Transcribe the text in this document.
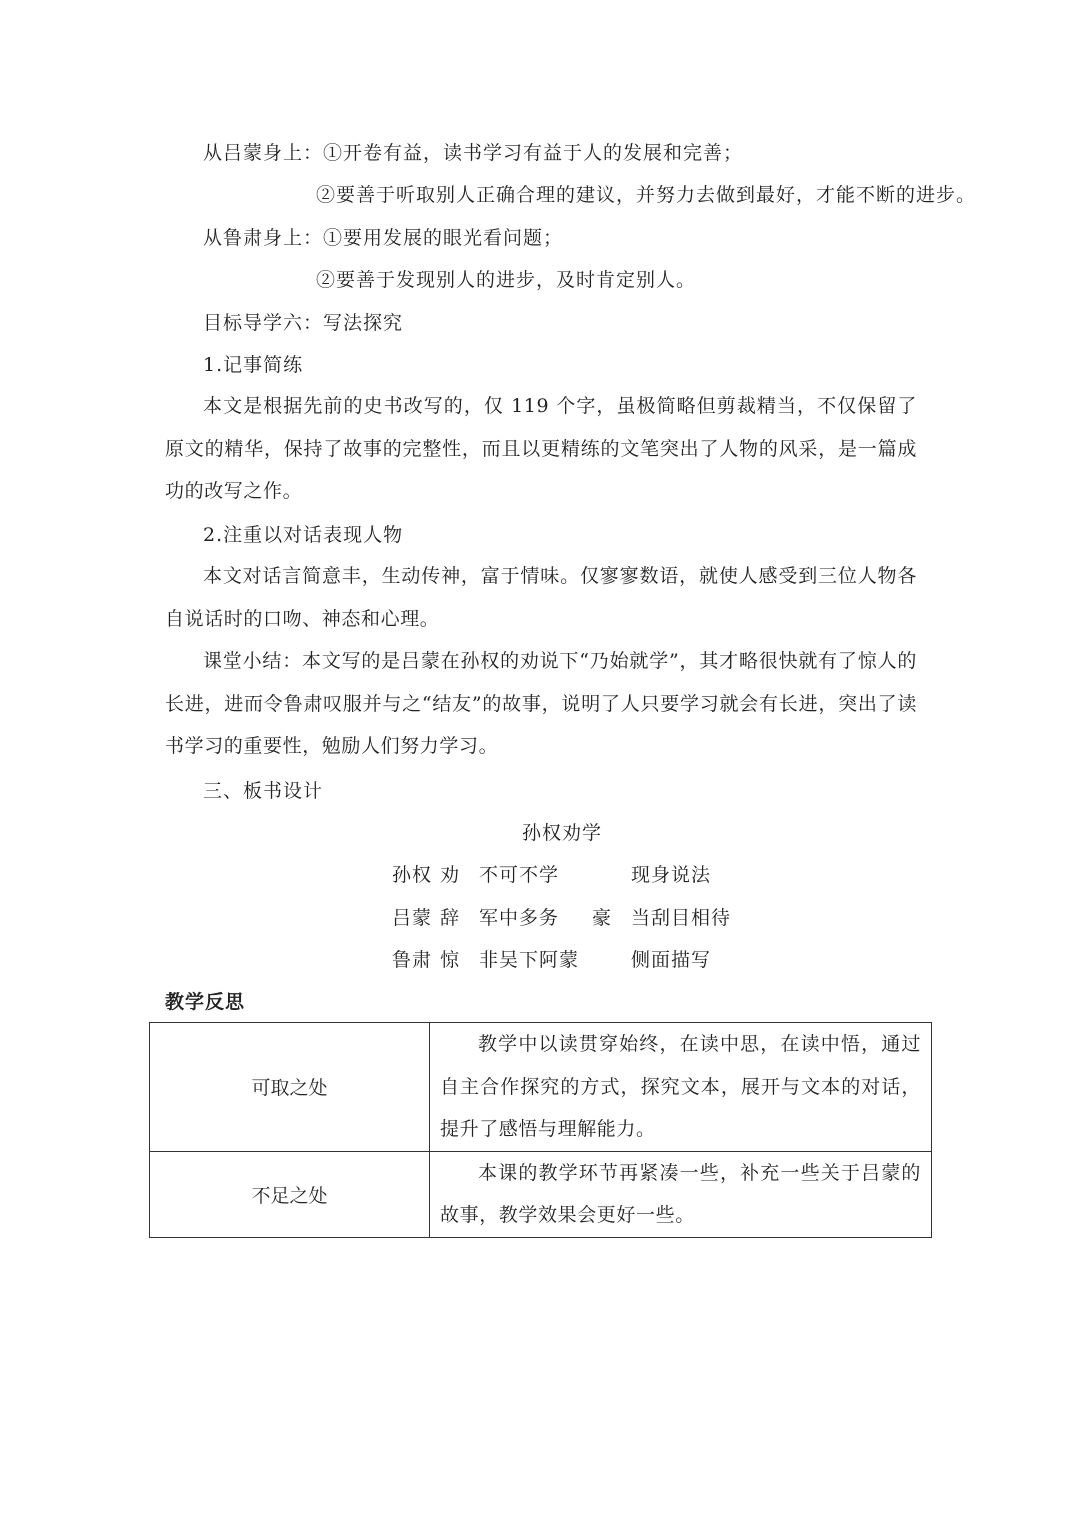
从吕蒙身上：①开卷有益，读书学习有益于人的发展和完善；
②要善于听取别人正确合理的建议，并努力去做到最好，才能不断的进步。
从鲁肃身上：①要用发展的眼光看问题；
②要善于发现别人的进步，及时肯定别人。
目标导学六：写法探究
1.记事简练

本文是根据先前的史书改写的，仅 119 个字，虽极简略但剪裁精当，不仅保留了原文的精华，保持了故事的完整性，而且以更精练的文笔突出了人物的风采，是一篇成功的改写之作。

2.注重以对话表现人物

本文对话言简意丰，生动传神，富于情味。仅寥寥数语，就使人感受到三位人物各自说话时的口吻、神态和心理。

课堂小结：本文写的是吕蒙在孙权的劝说下“乃始就学”，其才略很快就有了惊人的长进，进而令鲁肃叹服并与之“结友”的故事，说明了人只要学习就会有长进，突出了读书学习的重要性，勉励人们努力学习。

三、板书设计
孙权劝学
孙权 劝 不可不学	现身说法
吕蒙 辞 军中多务 豪 当刮目相待
鲁肃 惊 非吴下阿蒙	侧面描写
教学反思
可取之处	教学中以读贯穿始终，在读中思，在读中悟，通过自主合作探究的方式，探究文本，展开与文本的对话，提升了感悟与理解能力。
不足之处	本课的教学环节再紧凑一些，补充一些关于吕蒙的故事，教学效果会更好一些。
